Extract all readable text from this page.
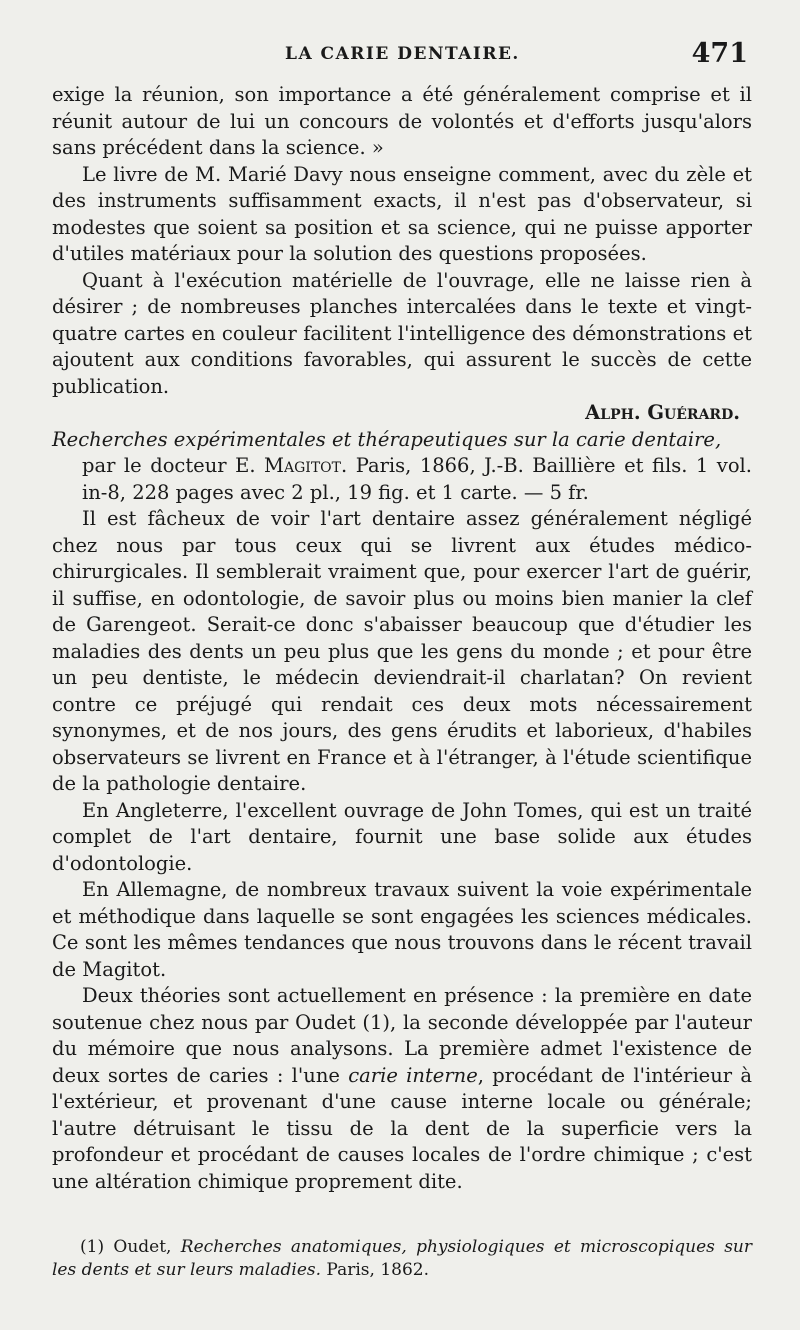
LA CARIE DENTAIRE.	471

exige la réunion, son importance a été généralement comprise et il réunit autour de lui un concours de volontés et d'efforts jusqu'alors sans précédent dans la science. »

Le livre de M. Marié Davy nous enseigne comment, avec du zèle et des instruments suffisamment exacts, il n'est pas d'observateur, si modestes que soient sa position et sa science, qui ne puisse apporter d'utiles matériaux pour la solution des questions proposées.

Quant à l'exécution matérielle de l'ouvrage, elle ne laisse rien à désirer ; de nombreuses planches intercalées dans le texte et vingt-quatre cartes en couleur facilitent l'intelligence des démonstrations et ajoutent aux conditions favorables, qui assurent le succès de cette publication.

Alph. Guérard.

Recherches expérimentales et thérapeutiques sur la carie dentaire,

par le docteur E. Magitot. Paris, 1866, J.-B. Baillière et fils. 1 vol. in-8, 228 pages avec 2 pl., 19 fig. et 1 carte. — 5 fr.

Il est fâcheux de voir l'art dentaire assez généralement négligé chez nous par tous ceux qui se livrent aux études médico-chirurgicales. Il semblerait vraiment que, pour exercer l'art de guérir, il suffise, en odontologie, de savoir plus ou moins bien manier la clef de Garengeot. Serait-ce donc s'abaisser beaucoup que d'étudier les maladies des dents un peu plus que les gens du monde ; et pour être un peu dentiste, le médecin deviendrait-il charlatan? On revient contre ce préjugé qui rendait ces deux mots nécessairement synonymes, et de nos jours, des gens érudits et laborieux, d'habiles observateurs se livrent en France et à l'étranger, à l'étude scientifique de la pathologie dentaire.

En Angleterre, l'excellent ouvrage de John Tomes, qui est un traité complet de l'art dentaire, fournit une base solide aux études d'odontologie.

En Allemagne, de nombreux travaux suivent la voie expérimentale et méthodique dans laquelle se sont engagées les sciences médicales. Ce sont les mêmes tendances que nous trouvons dans le récent travail de Magitot.

Deux théories sont actuellement en présence : la première en date soutenue chez nous par Oudet (1), la seconde développée par l'auteur du mémoire que nous analysons. La première admet l'existence de deux sortes de caries : l'une carie interne, procédant de l'intérieur à l'extérieur, et provenant d'une cause interne locale ou générale; l'autre détruisant le tissu de la dent de la superficie vers la profondeur et procédant de causes locales de l'ordre chimique ; c'est une altération chimique proprement dite.

(1) Oudet, Recherches anatomiques, physiologiques et microscopiques sur les dents et sur leurs maladies. Paris, 1862.
